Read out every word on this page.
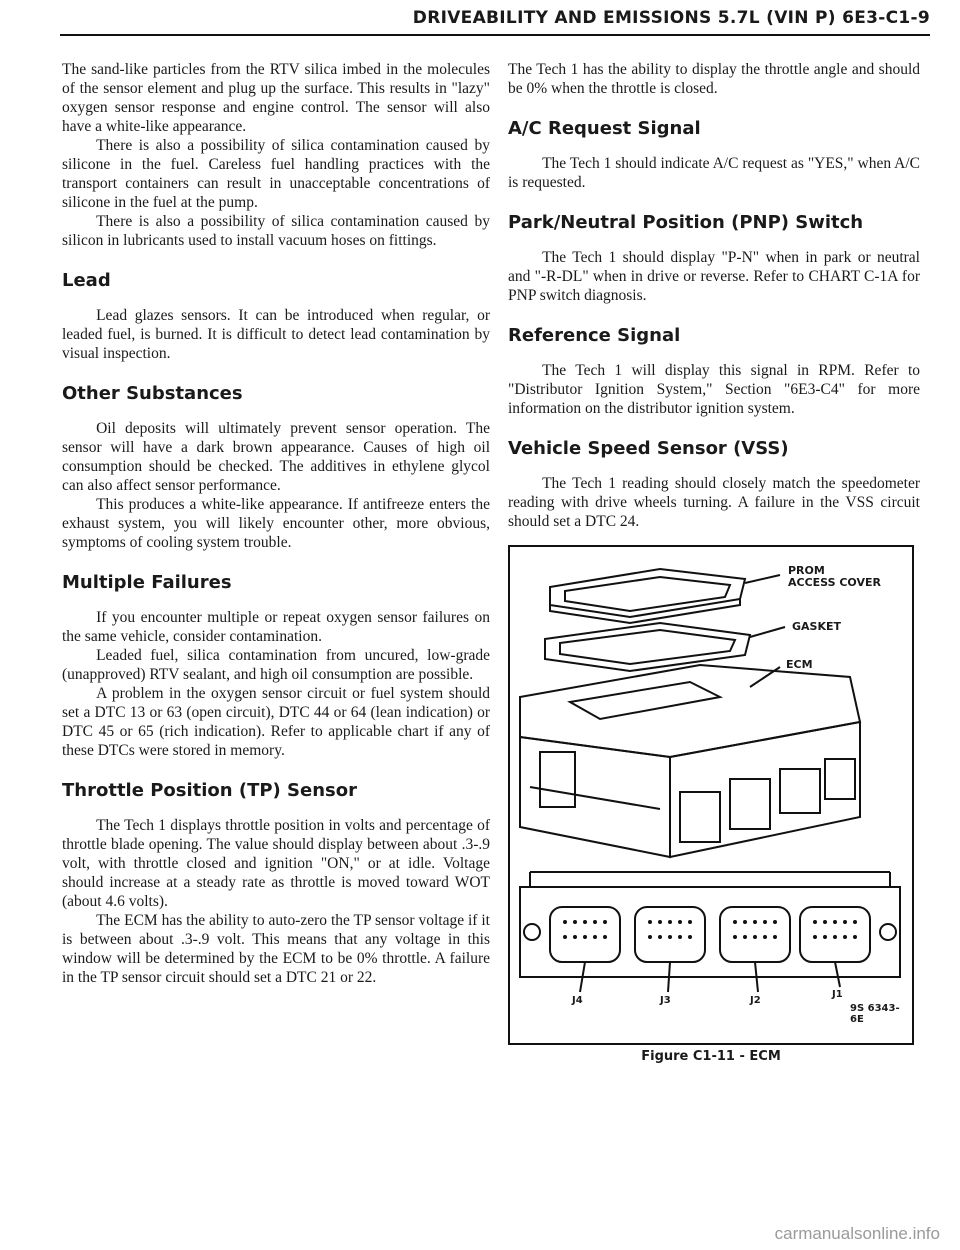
DRIVEABILITY AND EMISSIONS 5.7L (VIN P) 6E3-C1-9

The sand-like particles from the RTV silica imbed in the molecules of the sensor element and plug up the surface. This results in "lazy" oxygen sensor response and engine control. The sensor will also have a white-like appearance.

There is also a possibility of silica contamination caused by silicone in the fuel. Careless fuel handling practices with the transport containers can result in unacceptable concentrations of silicone in the fuel at the pump.

There is also a possibility of silica contamination caused by silicon in lubricants used to install vacuum hoses on fittings.

Lead

Lead glazes sensors. It can be introduced when regular, or leaded fuel, is burned. It is difficult to detect lead contamination by visual inspection.

Other Substances

Oil deposits will ultimately prevent sensor operation. The sensor will have a dark brown appearance. Causes of high oil consumption should be checked. The additives in ethylene glycol can also affect sensor performance.

This produces a white-like appearance. If antifreeze enters the exhaust system, you will likely encounter other, more obvious, symptoms of cooling system trouble.

Multiple Failures

If you encounter multiple or repeat oxygen sensor failures on the same vehicle, consider contamination.

Leaded fuel, silica contamination from uncured, low-grade (unapproved) RTV sealant, and high oil consumption are possible.

A problem in the oxygen sensor circuit or fuel system should set a DTC 13 or 63 (open circuit), DTC 44 or 64 (lean indication) or DTC 45 or 65 (rich indication). Refer to applicable chart if any of these DTCs were stored in memory.

Throttle Position (TP) Sensor

The Tech 1 displays throttle position in volts and percentage of throttle blade opening. The value should display between about .3-.9 volt, with throttle closed and ignition "ON," or at idle. Voltage should increase at a steady rate as throttle is moved toward WOT (about 4.6 volts).

The ECM has the ability to auto-zero the TP sensor voltage if it is between about .3-.9 volt. This means that any voltage in this window will be determined by the ECM to be 0% throttle. A failure in the TP sensor circuit should set a DTC 21 or 22.

The Tech 1 has the ability to display the throttle angle and should be 0% when the throttle is closed.

A/C Request Signal

The Tech 1 should indicate A/C request as "YES," when A/C is requested.

Park/Neutral Position (PNP) Switch

The Tech 1 should display "P-N" when in park or neutral and "-R-DL" when in drive or reverse. Refer to CHART C-1A for PNP switch diagnosis.

Reference Signal

The Tech 1 will display this signal in RPM. Refer to "Distributor Ignition System," Section "6E3-C4" for more information on the distributor ignition system.

Vehicle Speed Sensor (VSS)

The Tech 1 reading should closely match the speedometer reading with drive wheels turning. A failure in the VSS circuit should set a DTC 24.

PROM
ACCESS COVER
GASKET
ECM
J4	J3	J2
J1
9S 6343-6E
Figure C1-11 - ECM
carmanualsonline.info
